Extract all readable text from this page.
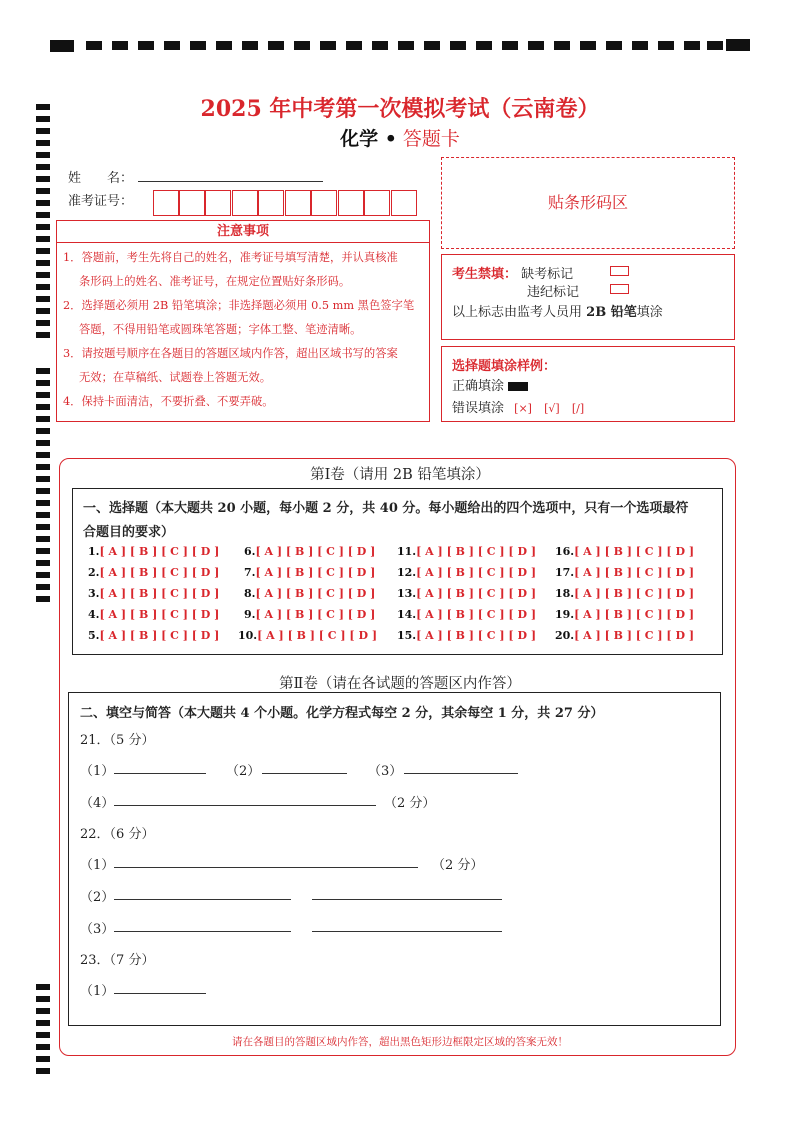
2025 年中考第一次模拟考试（云南卷）
化学 • 答题卡
姓　　名：
准考证号：	贴条形码区
注意事项
1．答题前，考生先将自己的姓名，准考证号填写清楚，并认真核准
条形码上的姓名、准考证号，在规定位置贴好条形码。
2．选择题必须用 2B 铅笔填涂；非选择题必须用 0.5 mm 黑色签字笔
答题，不得用铅笔或圆珠笔答题；字体工整、笔迹清晰。
3．请按题号顺序在各题目的答题区域内作答，超出区域书写的答案
无效；在草稿纸、试题卷上答题无效。
4．保持卡面清洁，不要折叠、不要弄破。
考生禁填： 缺考标记
违纪标记
以上标志由监考人员用 2B 铅笔填涂
选择题填涂样例：
正确填涂
错误填涂 [×] [√] [/]
第Ⅰ卷（请用 2B 铅笔填涂）
一、选择题（本大题共 20 小题，每小题 2 分，共 40 分。每小题给出的四个选项中，只有一个选项最符
合题目的要求）
1.[ A ] [ B ] [ C ] [ D ]
2.[ A ] [ B ] [ C ] [ D ]
3.[ A ] [ B ] [ C ] [ D ]
4.[ A ] [ B ] [ C ] [ D ]
5.[ A ] [ B ] [ C ] [ D ]
6.[ A ] [ B ] [ C ] [ D ]
7.[ A ] [ B ] [ C ] [ D ]
8.[ A ] [ B ] [ C ] [ D ]
9.[ A ] [ B ] [ C ] [ D ]
10.[ A ] [ B ] [ C ] [ D ]
11.[ A ] [ B ] [ C ] [ D ]
12.[ A ] [ B ] [ C ] [ D ]
13.[ A ] [ B ] [ C ] [ D ]
14.[ A ] [ B ] [ C ] [ D ]
15.[ A ] [ B ] [ C ] [ D ]
16.[ A ] [ B ] [ C ] [ D ]
17.[ A ] [ B ] [ C ] [ D ]
18.[ A ] [ B ] [ C ] [ D ]
19.[ A ] [ B ] [ C ] [ D ]
20.[ A ] [ B ] [ C ] [ D ]
第Ⅱ卷（请在各试题的答题区内作答）
二、填空与简答（本大题共 4 个小题。化学方程式每空 2 分，其余每空 1 分，共 27 分）
21．（5 分）
（1）	（2）	（3）
（4）	（2 分）
22．（6 分）
（1）	（2 分）
（2）
（3）
23．（7 分）
（1）
请在各题目的答题区域内作答，超出黑色矩形边框限定区域的答案无效！
